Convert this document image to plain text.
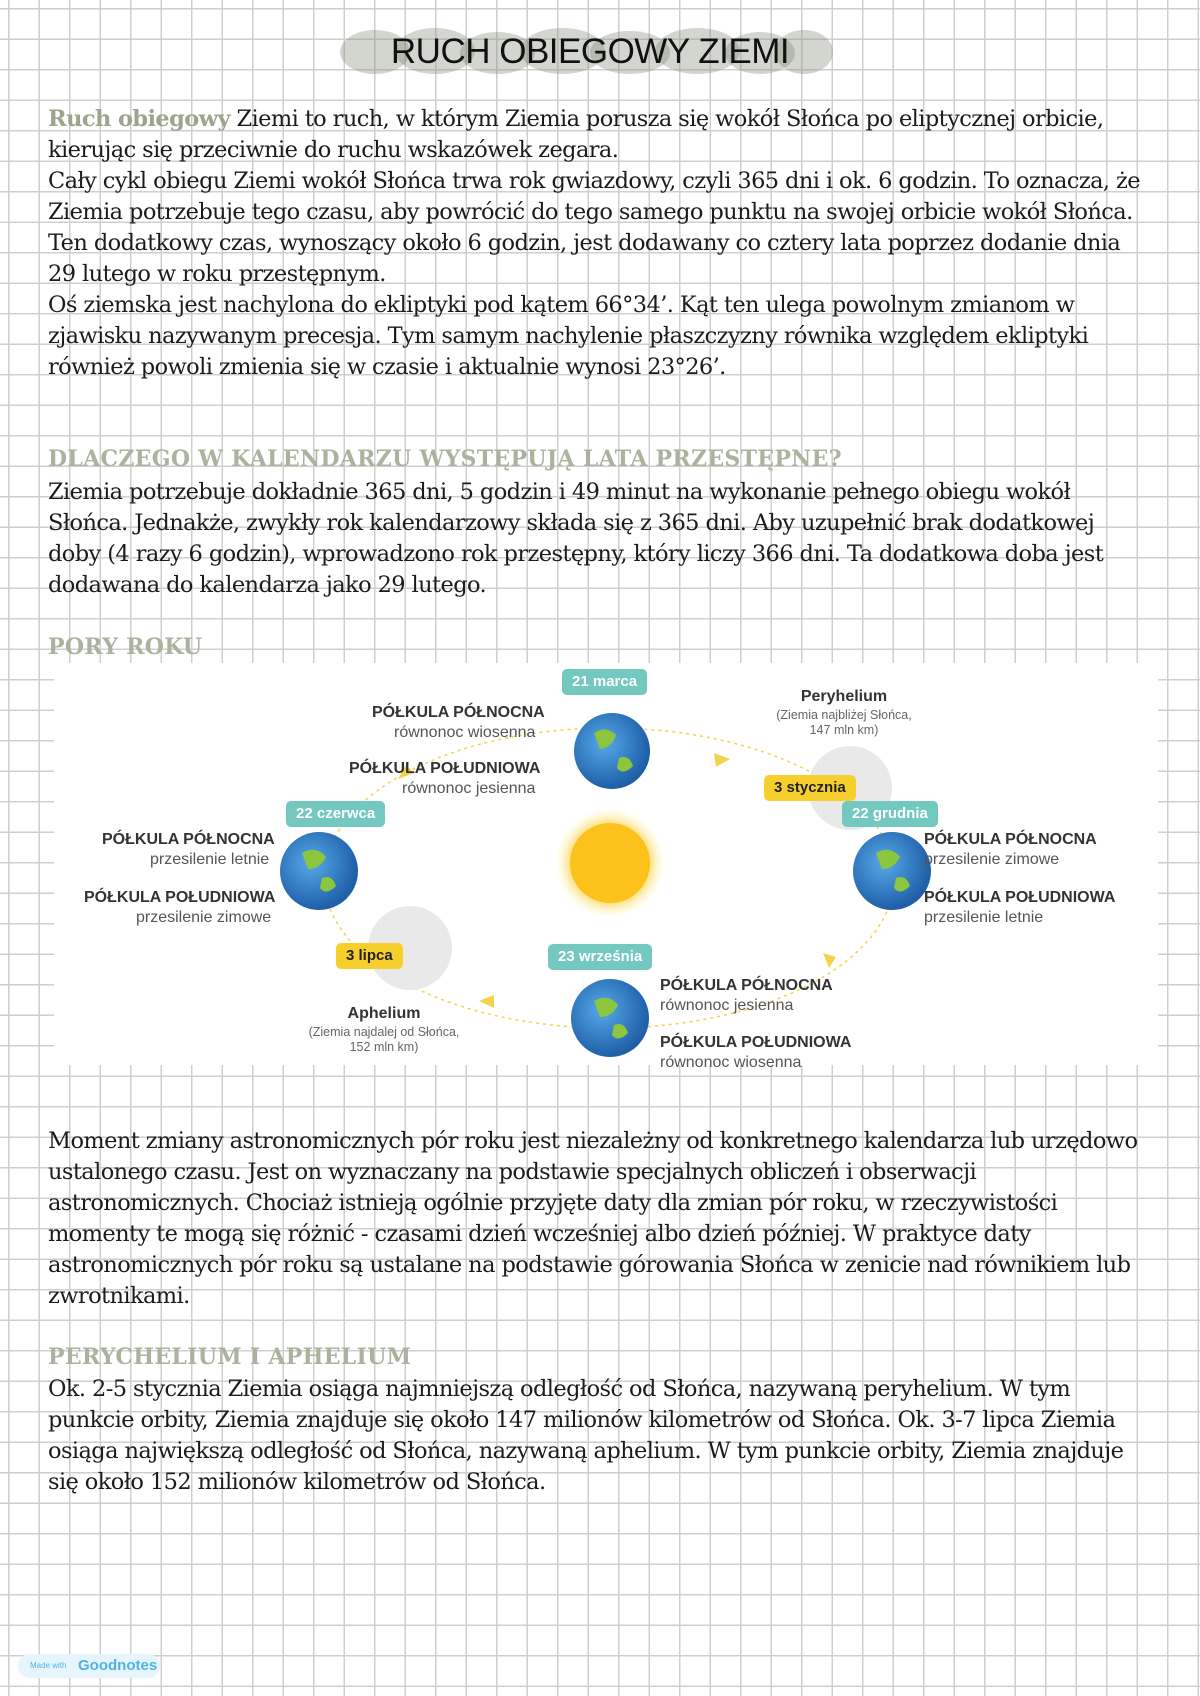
RUCH OBIEGOWY ZIEMI

Ruch obiegowy Ziemi to ruch, w którym Ziemia porusza się wokół Słońca po eliptycznej orbicie, kierując się przeciwnie do ruchu wskazówek zegara.

Cały cykl obiegu Ziemi wokół Słońca trwa rok gwiazdowy, czyli 365 dni i ok. 6 godzin. To oznacza, że Ziemia potrzebuje tego czasu, aby powrócić do tego samego punktu na swojej orbicie wokół Słońca. Ten dodatkowy czas, wynoszący około 6 godzin, jest dodawany co cztery lata poprzez dodanie dnia 29 lutego w roku przestępnym.

Oś ziemska jest nachylona do ekliptyki pod kątem 66°34’. Kąt ten ulega powolnym zmianom w zjawisku nazywanym precesja. Tym samym nachylenie płaszczyzny równika względem ekliptyki również powoli zmienia się w czasie i aktualnie wynosi 23°26’.

DLACZEGO W KALENDARZU WYSTĘPUJĄ LATA PRZESTĘPNE?

Ziemia potrzebuje dokładnie 365 dni, 5 godzin i 49 minut na wykonanie pełnego obiegu wokół Słońca. Jednakże, zwykły rok kalendarzowy składa się z 365 dni. Aby uzupełnić brak dodatkowej doby (4 razy 6 godzin), wprowadzono rok przestępny, który liczy 366 dni. Ta dodatkowa doba jest dodawana do kalendarza jako 29 lutego.

PORY ROKU
21 marca
PÓŁKULA PÓŁNOCNA
równonoc wiosenna
PÓŁKULA POŁUDNIOWA
równonoc jesienna
22 czerwca
PÓŁKULA PÓŁNOCNA
przesilenie letnie
PÓŁKULA POŁUDNIOWA
przesilenie zimowe
22 grudnia
PÓŁKULA PÓŁNOCNA
przesilenie zimowe
PÓŁKULA POŁUDNIOWA
przesilenie letnie
23 września
PÓŁKULA PÓŁNOCNA
równonoc jesienna
PÓŁKULA POŁUDNIOWA
równonoc wiosenna
Peryhelium
(Ziemia najbliżej Słońca,
147 mln km)
3 stycznia
3 lipca
Aphelium
(Ziemia najdalej od Słońca,
152 mln km)

Moment zmiany astronomicznych pór roku jest niezależny od konkretnego kalendarza lub urzędowo ustalonego czasu. Jest on wyznaczany na podstawie specjalnych obliczeń i obserwacji astronomicznych. Chociaż istnieją ogólnie przyjęte daty dla zmian pór roku, w rzeczywistości momenty te mogą się różnić - czasami dzień wcześniej albo dzień później. W praktyce daty astronomicznych pór roku są ustalane na podstawie górowania Słońca w zenicie nad równikiem lub zwrotnikami.

PERYCHELIUM I APHELIUM

Ok. 2-5 stycznia Ziemia osiąga najmniejszą odległość od Słońca, nazywaną peryhelium. W tym punkcie orbity, Ziemia znajduje się około 147 milionów kilometrów od Słońca. Ok. 3-7 lipca Ziemia osiąga największą odległość od Słońca, nazywaną aphelium. W tym punkcie orbity, Ziemia znajduje się około 152 milionów kilometrów od Słońca.

Made with Goodnotes
